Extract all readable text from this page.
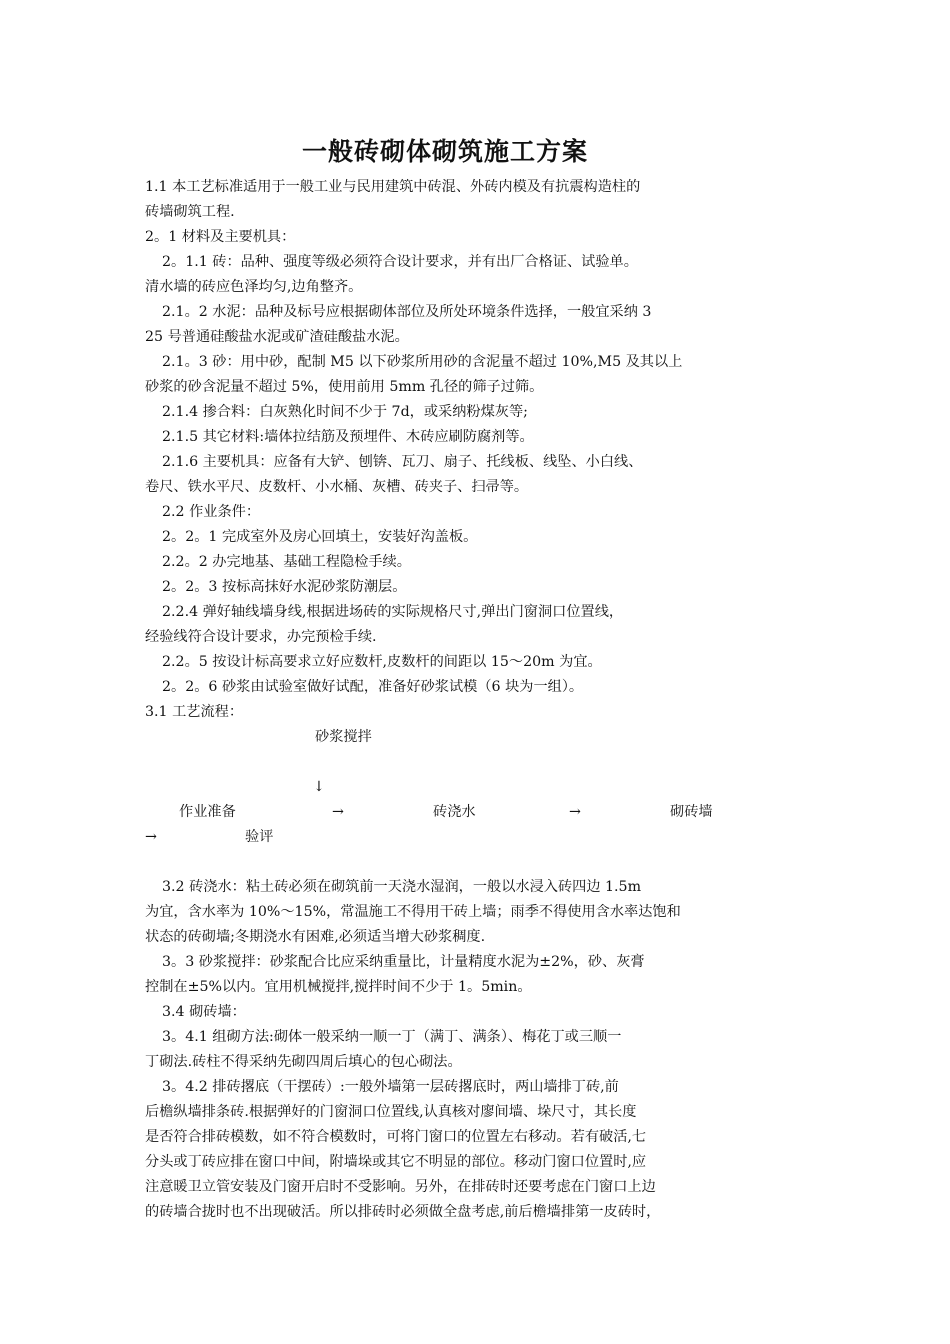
一般砖砌体砌筑施工方案
1.1 本工艺标准适用于一般工业与民用建筑中砖混、外砖内模及有抗震构造柱的
砖墙砌筑工程.
2。1 材料及主要机具：
2。1.1 砖：品种、强度等级必须符合设计要求，并有出厂合格证、试验单。
清水墙的砖应色泽均匀,边角整齐。
2.1。2 水泥：品种及标号应根据砌体部位及所处环境条件选择，一般宜采纳 3
25 号普通硅酸盐水泥或矿渣硅酸盐水泥。
2.1。3 砂：用中砂，配制 M5 以下砂浆所用砂的含泥量不超过 10%,M5 及其以上
砂浆的砂含泥量不超过 5%，使用前用 5mm 孔径的筛子过筛。
2.1.4 掺合料：白灰熟化时间不少于 7d，或采纳粉煤灰等;
2.1.5 其它材料:墙体拉结筋及预埋件、木砖应刷防腐剂等。
2.1.6 主要机具：应备有大铲、刨锛、瓦刀、扇子、托线板、线坠、小白线、
卷尺、铁水平尺、皮数杆、小水桶、灰槽、砖夹子、扫帚等。
2.2 作业条件：
2。2。1 完成室外及房心回填土，安装好沟盖板。
2.2。2 办完地基、基础工程隐检手续。
2。2。3 按标高抹好水泥砂浆防潮层。
2.2.4 弹好轴线墙身线,根据进场砖的实际规格尺寸,弹出门窗洞口位置线，
经验线符合设计要求，办完预检手续.
2.2。5 按设计标高要求立好应数杆,皮数杆的间距以 15～20m 为宜。
2。2。6 砂浆由试验室做好试配，准备好砂浆试模（6 块为一组）。
3.1 工艺流程：
砂浆搅拌
↓
作业准备	→	砖浇水	→	砌砖墙
→	验评
3.2 砖浇水：粘土砖必须在砌筑前一天浇水湿润，一般以水浸入砖四边 1.5m
为宜，含水率为 10%～15%，常温施工不得用干砖上墙；雨季不得使用含水率达饱和
状态的砖砌墙;冬期浇水有困难,必须适当增大砂浆稠度.
3。3 砂浆搅拌：砂浆配合比应采纳重量比，计量精度水泥为±2%，砂、灰膏
控制在±5%以内。宜用机械搅拌,搅拌时间不少于 1。5min。
3.4 砌砖墙：
3。4.1 组砌方法:砌体一般采纳一顺一丁（满丁、满条）、梅花丁或三顺一
丁砌法.砖柱不得采纳先砌四周后填心的包心砌法。
3。4.2 排砖撂底（干摆砖）:一般外墙第一层砖撂底时，两山墙排丁砖,前
后檐纵墙排条砖.根据弹好的门窗洞口位置线,认真核对廖间墙、垛尺寸，其长度
是否符合排砖模数，如不符合模数时，可将门窗口的位置左右移动。若有破活,七
分头或丁砖应排在窗口中间，附墙垛或其它不明显的部位。移动门窗口位置时,应
注意暖卫立管安装及门窗开启时不受影响。另外，在排砖时还要考虑在门窗口上边
的砖墙合拢时也不出现破活。所以排砖时必须做全盘考虑,前后檐墙排第一皮砖时，
